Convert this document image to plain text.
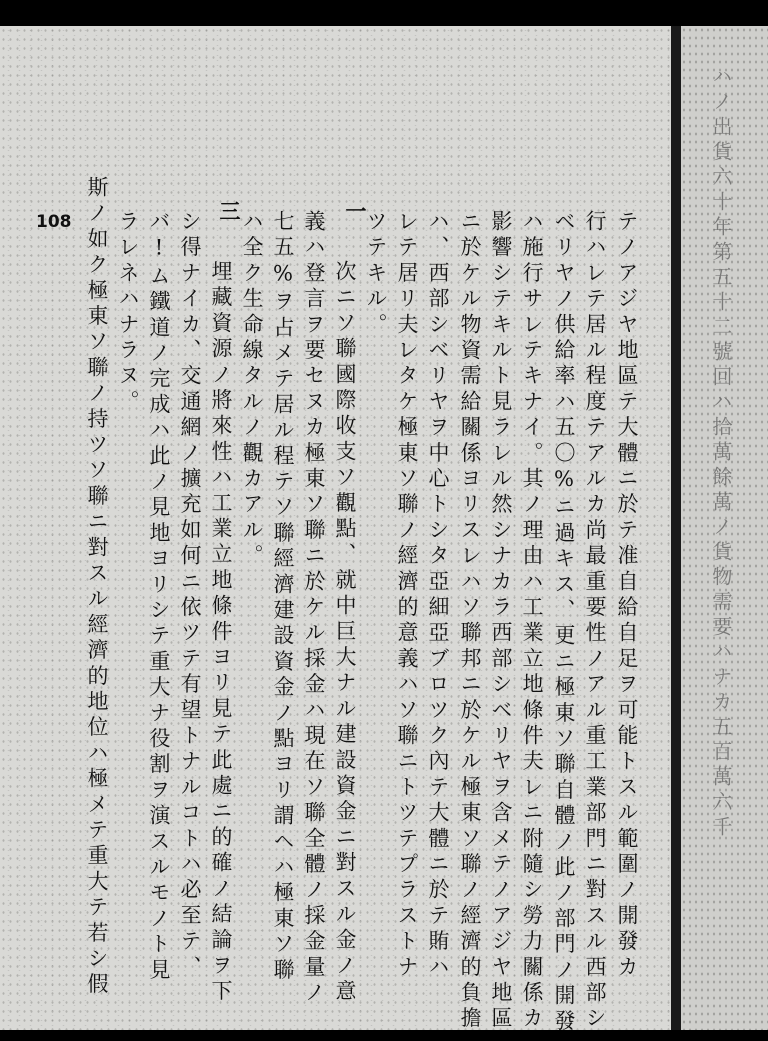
108	一
三	テノアジヤ地區テ大體ニ於テ准自給自足ヲ可能トスル範圍ノ開發カ
行ハレテ居ル程度テアルカ尚最重要性ノアル重工業部門ニ對スル西部シ
ベリヤノ供給率ハ五〇%ニ過キス、更ニ極東ソ聯自體ノ此ノ部門ノ開發
ハ施行サレテキナイ。其ノ理由ハ工業立地條件夫レニ附隨シ勞力關係カ
影響シテキルト見ラレル然シナカラ西部シベリヤヲ含メテノアジヤ地區
ニ於ケル物資需給關係ヨリスレハソ聯邦ニ於ケル極東ソ聯ノ經濟的負擔
ハ、西部シベリヤヲ中心トシタ亞細亞ブロツク內テ大體ニ於テ賄ハ
レテ居リ夫レタケ極東ソ聯ノ經濟的意義ハソ聯ニトツテプラストナ
ツテキル。
次ニソ聯國際收支ソ觀點、就中巨大ナル建設資金ニ對スル金ノ意
義ハ登言ヲ要セヌカ極東ソ聯ニ於ケル採金ハ現在ソ聯全體ノ採金量ノ
七五%ヲ占メテ居ル程テソ聯經濟建設資金ノ點ヨリ謂ヘハ極東ソ聯
ハ全ク生命線タルノ觀カアル。
埋藏資源ノ將來性ハ工業立地條件ヨリ見テ此處ニ的確ノ結論ヲ下
シ得ナイカ、交通網ノ擴充如何ニ依ツテ有望トナルコトハ必至テ、
バ!ム鐵道ノ完成ハ此ノ見地ヨリシテ重大ナ役割ヲ演スルモノト見
ラレネハナラヌ。
斯ノ如ク極東ソ聯ノ持ツソ聯ニ對スル經濟的地位ハ極メテ重大テ若シ假	ハノ出貨六十年第五十二號回ハ拾萬餘萬ノ貨物需要ハナカ五百萬六千
